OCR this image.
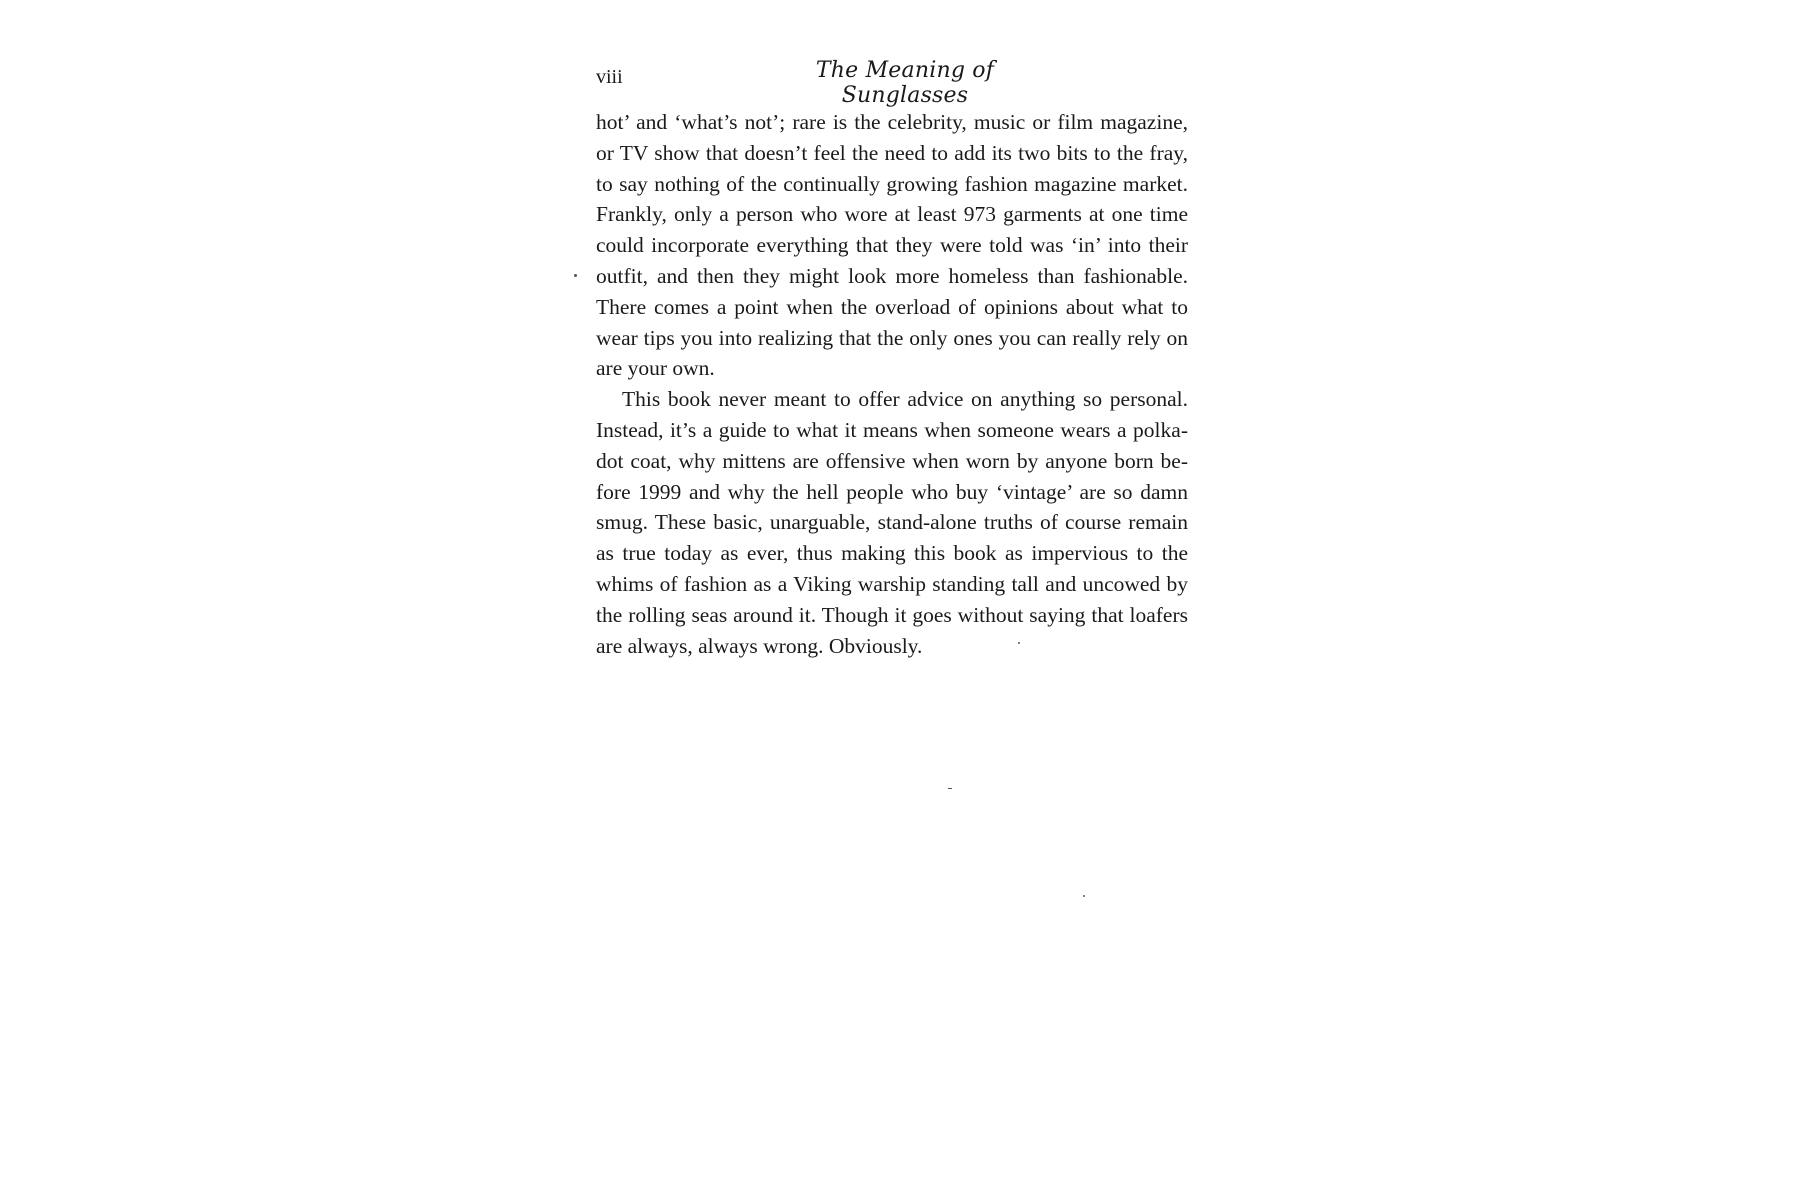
viii	The Meaning of Sunglasses
hot’ and ‘what’s not’; rare is the celebrity, music or film magazine,
or TV show that doesn’t feel the need to add its two bits to the fray,
to say nothing of the continually growing fashion magazine market.
Frankly, only a person who wore at least 973 garments at one time
could incorporate everything that they were told was ‘in’ into their
outfit, and then they might look more homeless than fashionable.
There comes a point when the overload of opinions about what to
wear tips you into realizing that the only ones you can really rely on
are your own.
This book never meant to offer advice on anything so personal.
Instead, it’s a guide to what it means when someone wears a polka-
dot coat, why mittens are offensive when worn by anyone born be-
fore 1999 and why the hell people who buy ‘vintage’ are so damn
smug. These basic, unarguable, stand-alone truths of course remain
as true today as ever, thus making this book as impervious to the
whims of fashion as a Viking warship standing tall and uncowed by
the rolling seas around it. Though it goes without saying that loafers
are always, always wrong. Obviously.
